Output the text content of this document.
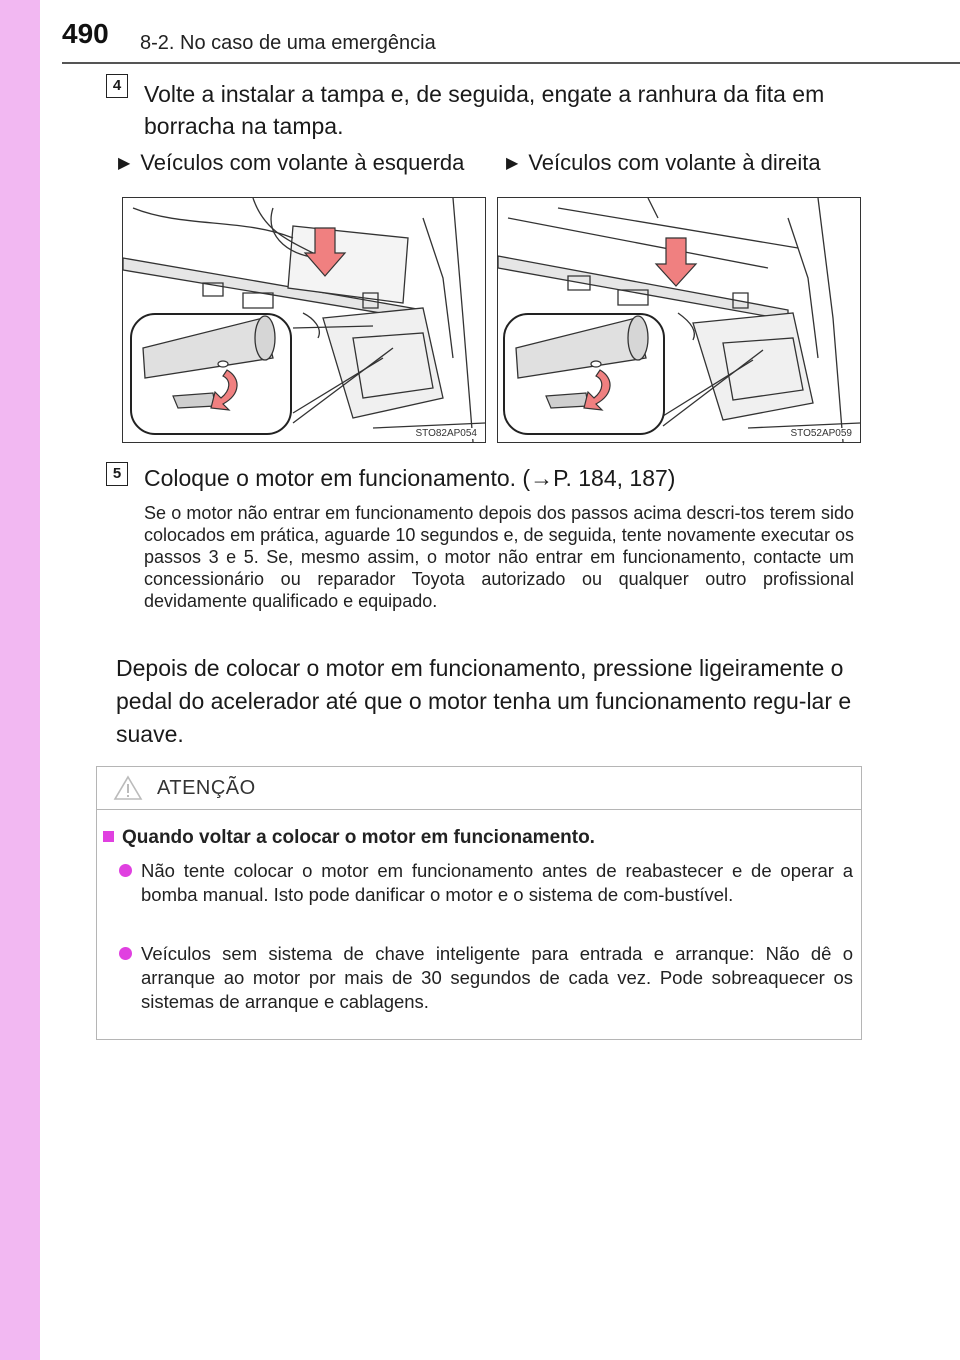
490 8-2. No caso de uma emergência
4 Volte a instalar a tampa e, de seguida, engate a ranhura da fita em borracha na tampa.
▶ Veículos com volante à esquerda	▶ Veículos com volante à direita
STO82AP054	STO52AP059
5 Coloque o motor em funcionamento. (→P. 184, 187)
Se o motor não entrar em funcionamento depois dos passos acima descri-tos terem sido colocados em prática, aguarde 10 segundos e, de seguida, tente novamente executar os passos 3 e 5. Se, mesmo assim, o motor não entrar em funcionamento, contacte um concessionário ou reparador Toyota autorizado ou qualquer outro profissional devidamente qualificado e equipado.
Depois de colocar o motor em funcionamento, pressione ligeiramente o pedal do acelerador até que o motor tenha um funcionamento regu-lar e suave.
ATENÇÃO
Quando voltar a colocar o motor em funcionamento.
Não tente colocar o motor em funcionamento antes de reabastecer e de operar a bomba manual. Isto pode danificar o motor e o sistema de com-bustível.
Veículos sem sistema de chave inteligente para entrada e arranque: Não dê o arranque ao motor por mais de 30 segundos de cada vez. Pode sobreaquecer os sistemas de arranque e cablagens.
